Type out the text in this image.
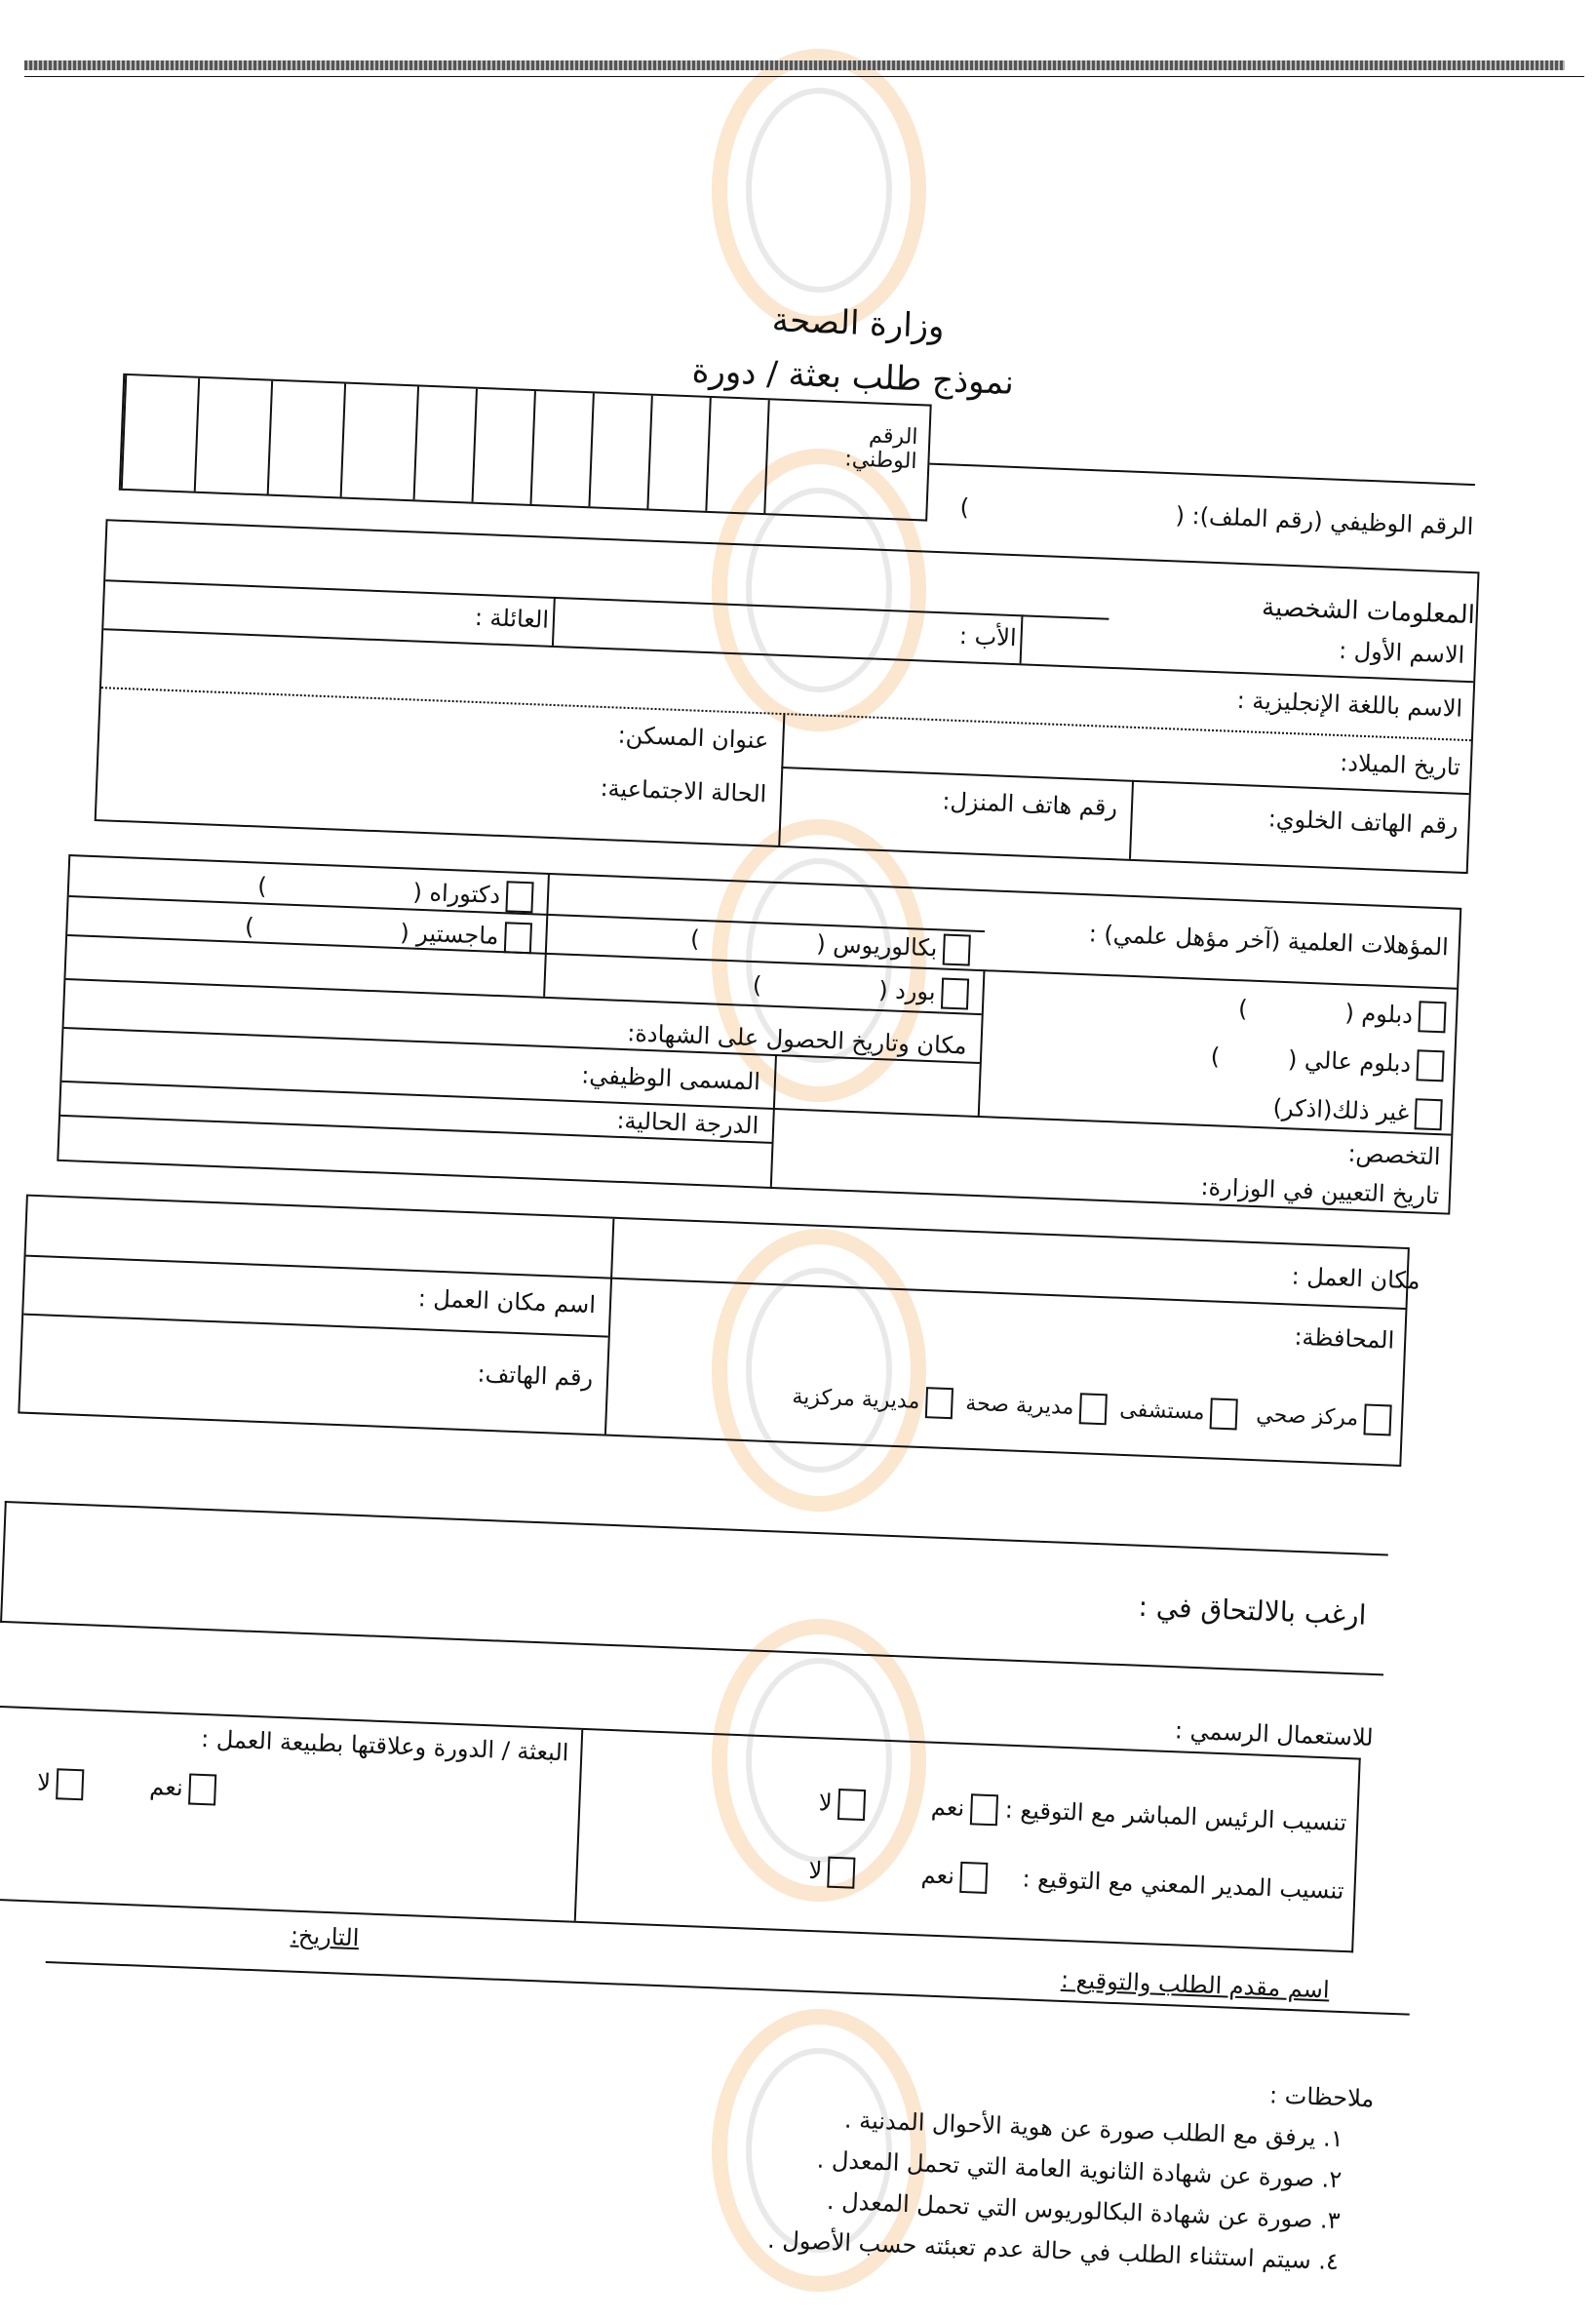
وزارة الصحة
نموذج طلب بعثة / دورة
الرقم الوطني:
الرقم الوظيفي (رقم الملف): (
)
المعلومات الشخصية
الاسم الأول :
الأب :
العائلة :
الاسم باللغة الإنجليزية :
تاريخ الميلاد:
عنوان المسكن:
رقم الهاتف الخلوي:
رقم هاتف المنزل:
الحالة الاجتماعية:
المؤهلات العلمية (آخر مؤهل علمي) :
دبلوم ()
دبلوم عالي ()
غير ذلك(اذكر)
بكالوريوس ()
بورد ()
دكتوراه ()
ماجستير ()
مكان وتاريخ الحصول على الشهادة:
التخصص:
المسمى الوظيفي:
تاريخ التعيين في الوزارة:
الدرجة الحالية:
مكان العمل :
المحافظة:
اسم مكان العمل :
مركز صحي مستشفى مديرية صحة مديرية مركزية
رقم الهاتف:
ارغب بالالتحاق في :
للاستعمال الرسمي :
تنسيب الرئيس المباشر مع التوقيع : نعم لا
تنسيب المدير المعني مع التوقيع : نعم لا
البعثة / الدورة وعلاقتها بطبيعة العمل :
نعم لا
التاريخ:
اسم مقدم الطلب والتوقيع :
ملاحظات :
١. يرفق مع الطلب صورة عن هوية الأحوال المدنية .
٢. صورة عن شهادة الثانوية العامة التي تحمل المعدل .
٣. صورة عن شهادة البكالوريوس التي تحمل المعدل .
٤. سيتم استثناء الطلب في حالة عدم تعبئته حسب الأصول .
